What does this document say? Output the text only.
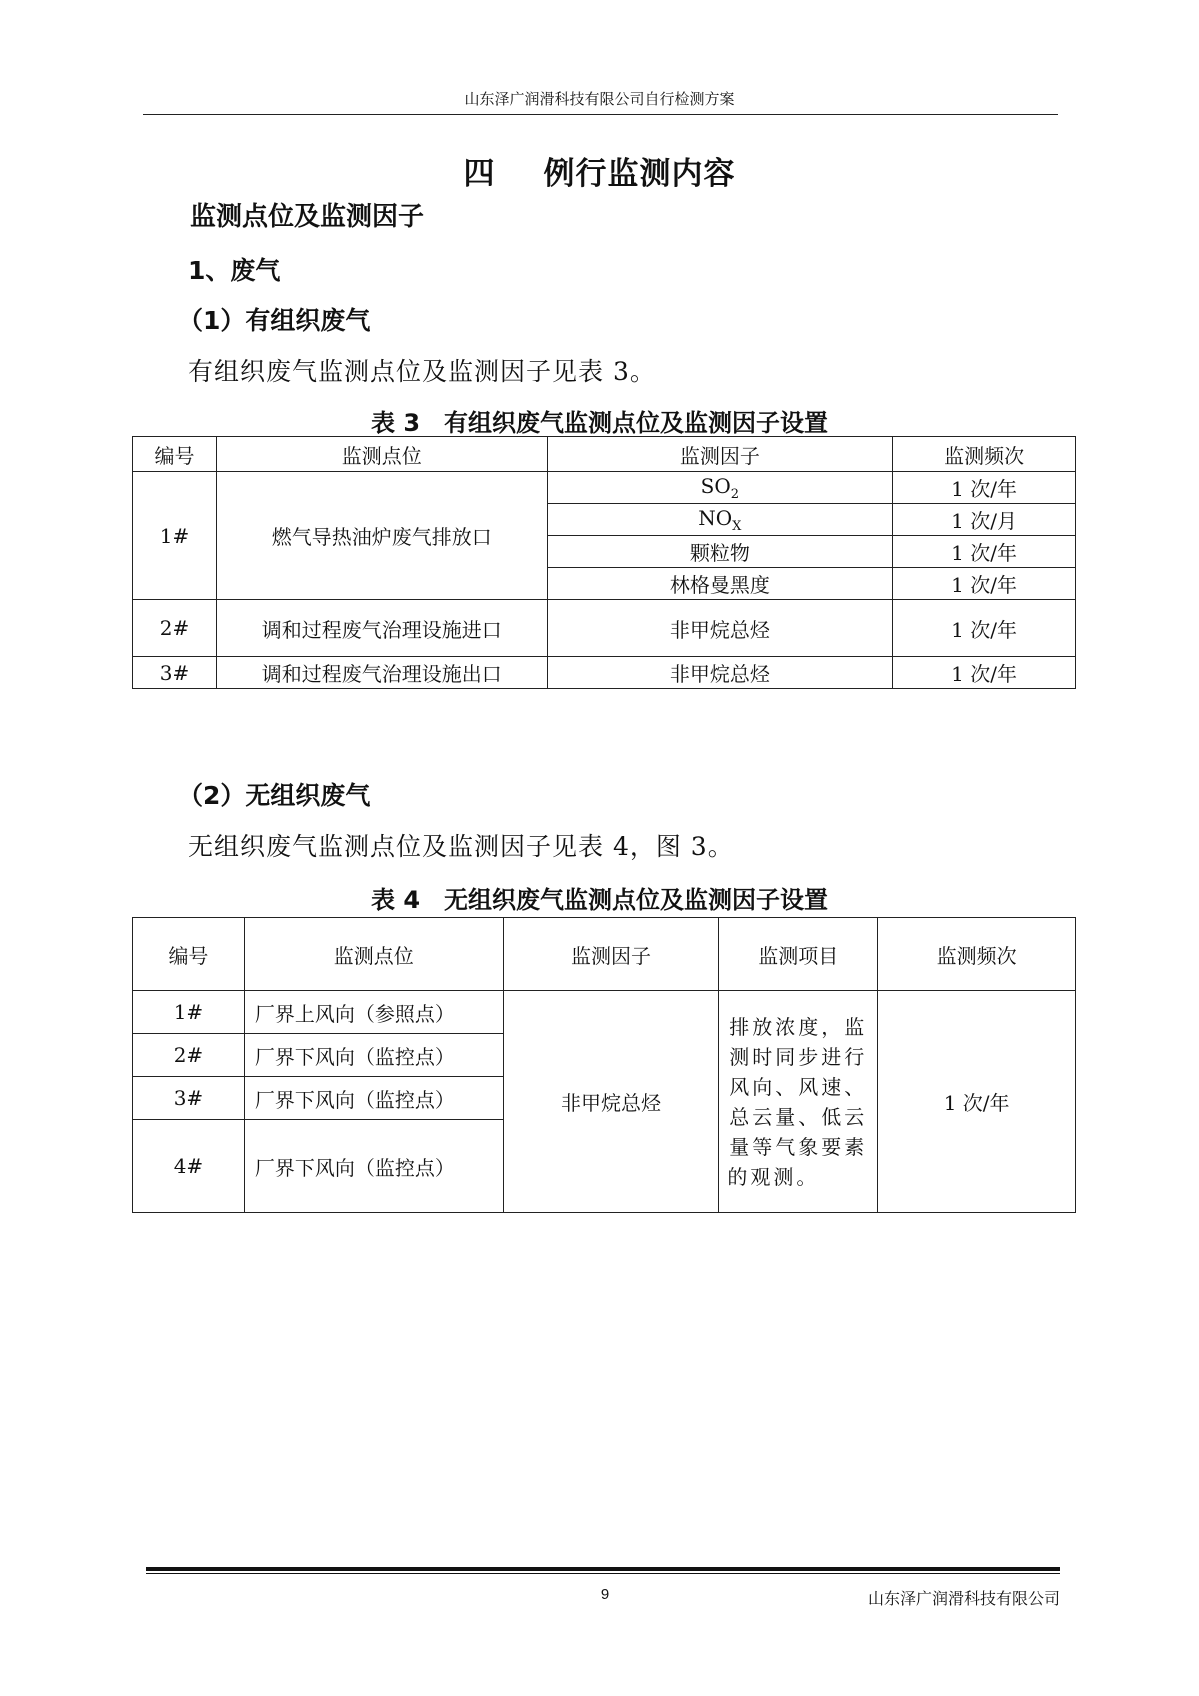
山东泽广润滑科技有限公司自行检测方案
四 例行监测内容
监测点位及监测因子
1、废气
（1）有组织废气
有组织废气监测点位及监测因子见表 3。
表 3　有组织废气监测点位及监测因子设置
编号	监测点位	监测因子	监测频次
1#	燃气导热油炉废气排放口	$SO_2$	1 次/年
		$NO_X$	1 次/月
		颗粒物	1 次/年
		林格曼黑度	1 次/年
2#	调和过程废气治理设施进口	非甲烷总烃	1 次/年
3#	调和过程废气治理设施出口	非甲烷总烃	1 次/年
（2）无组织废气
无组织废气监测点位及监测因子见表 4，图 3。
表 4　无组织废气监测点位及监测因子设置
编号	监测点位	监测因子	监测项目	监测频次
1#	厂界上风向（参照点）	非甲烷总烃	排放浓度，监测时同步进行风向、风速、总云量、低云量等气象要素的观测。	1 次/年
2#	厂界下风向（监控点）			
3#	厂界下风向（监控点）			
4#	厂界下风向（监控点）			
9	山东泽广润滑科技有限公司
